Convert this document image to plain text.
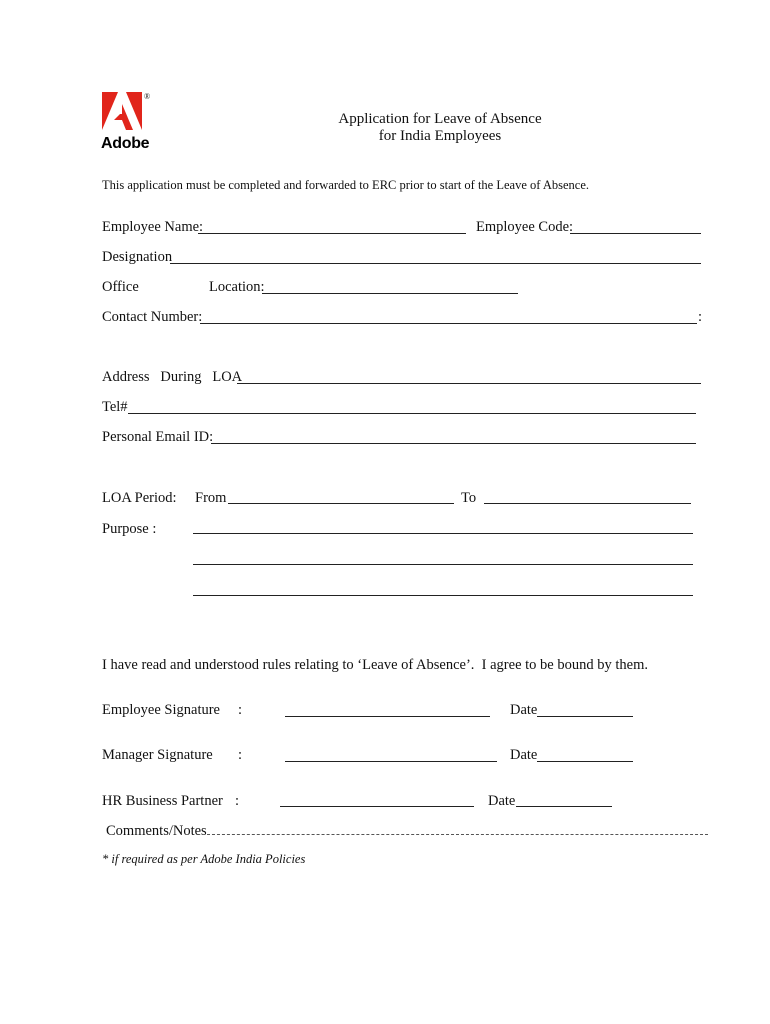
®
Adobe
Application for Leave of Absence
for India Employees
This application must be completed and forwarded to ERC prior to start of the Leave of Absence.
Employee Name:	Employee Code:
Designation
Office	Location:
Contact Number:	:
Address   During   LOA
Tel#
Personal Email ID:
LOA Period: From	To
Purpose :
I have read and understood rules relating to ‘Leave of Absence’.  I agree to be bound by them.
Employee Signature :	Date
Manager Signature :	Date
HR Business Partner :	Date
Comments/Notes
* if required as per Adobe India Policies
